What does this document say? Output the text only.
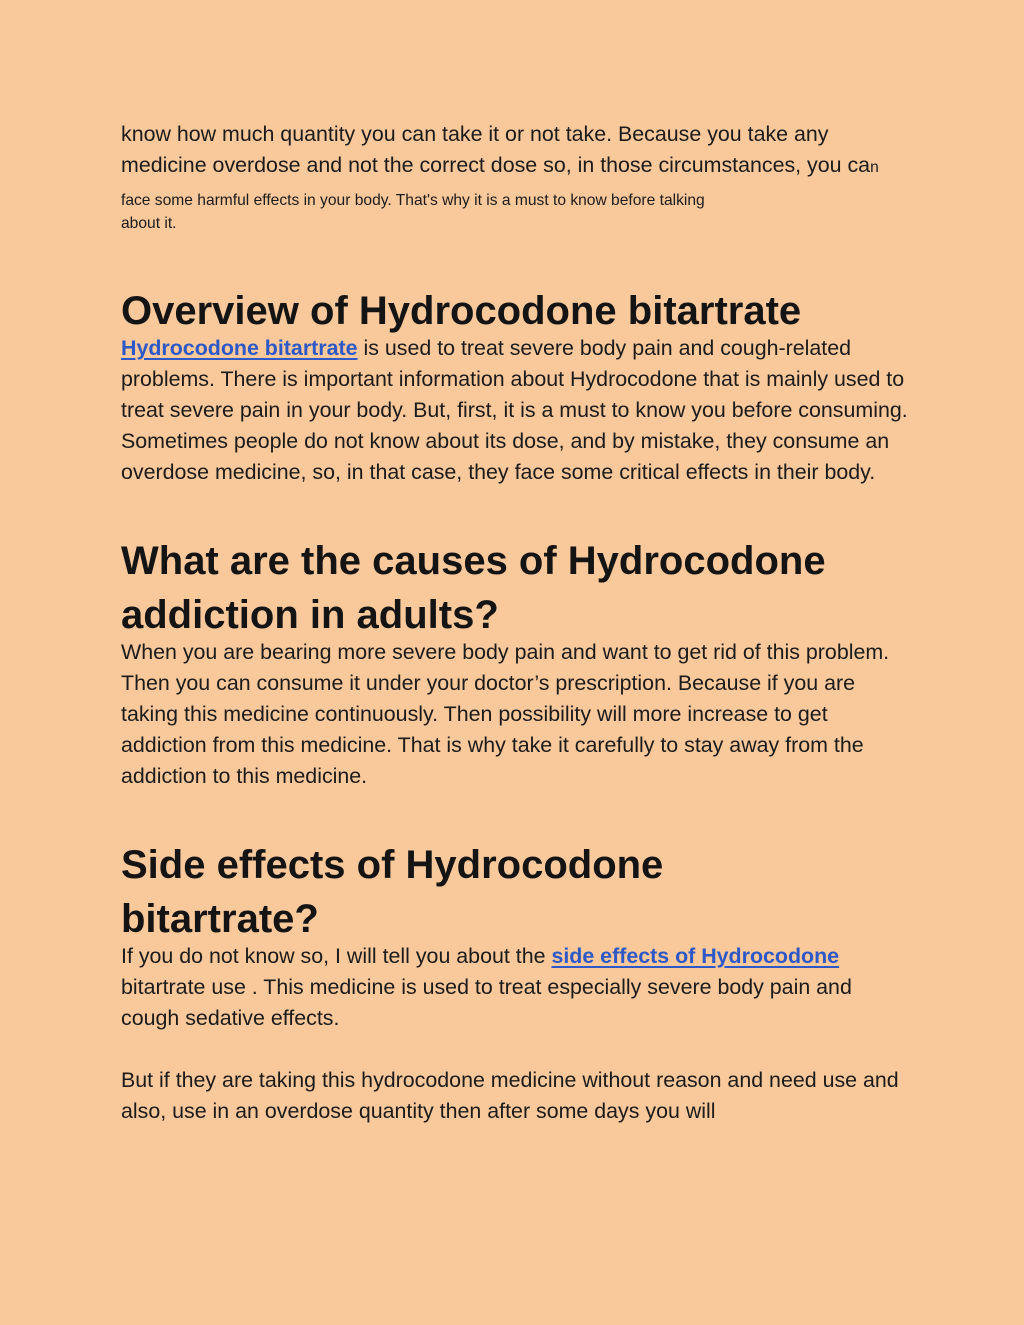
know how much quantity you can take it or not take. Because you take any medicine overdose and not the correct dose so, in those circumstances, you can face some harmful effects in your body. That's why it is a must to know before talking
about it.

Overview of Hydrocodone bitartrate

Hydrocodone bitartrate is used to treat severe body pain and cough-related problems. There is important information about Hydrocodone that is mainly used to treat severe pain in your body. But, first, it is a must to know you before consuming. Sometimes people do not know about its dose, and by mistake, they consume an overdose medicine, so, in that case, they face some critical effects in their body.

What are the causes of Hydrocodone addiction in adults?

When you are bearing more severe body pain and want to get rid of this problem. Then you can consume it under your doctor’s prescription. Because if you are taking this medicine continuously. Then possibility will more increase to get addiction from this medicine. That is why take it carefully to stay away from the addiction to this medicine.

Side effects of Hydrocodone bitartrate?

If you do not know so, I will tell you about the side effects of Hydrocodone bitartrate use . This medicine is used to treat especially severe body pain and cough sedative effects.

But if they are taking this hydrocodone medicine without reason and need use and also, use in an overdose quantity then after some days you will
